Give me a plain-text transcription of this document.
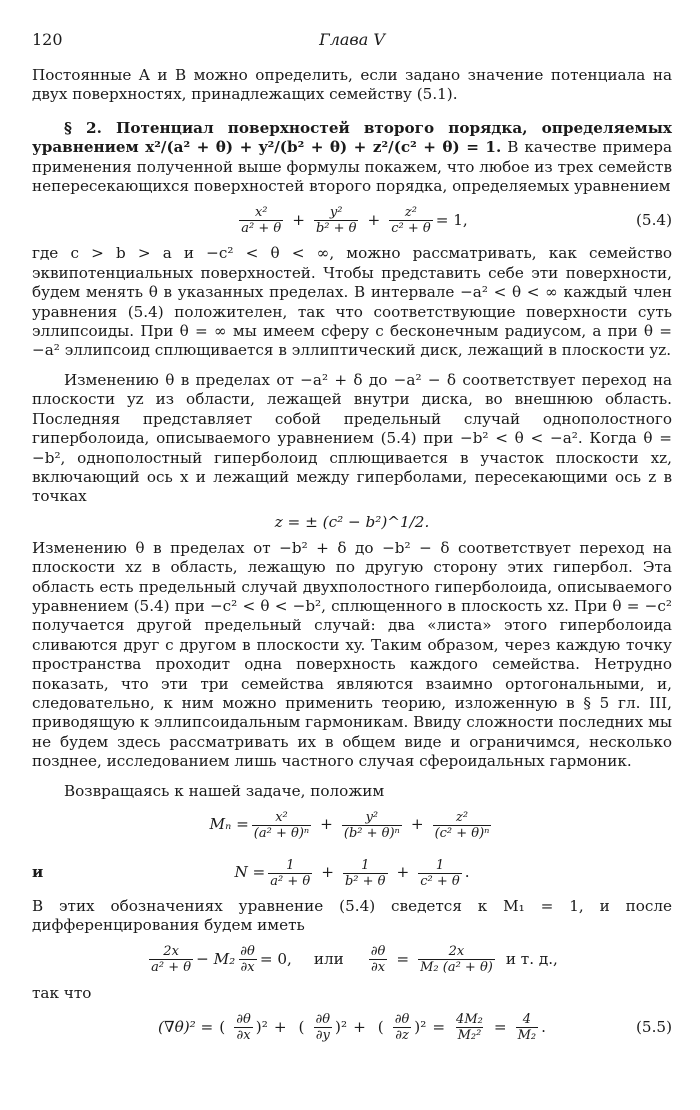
120	Глава V

Постоянные A и B можно определить, если задано значение потенциала на двух поверхностях, принадлежащих семейству (5.1).

§ 2. Потенциал поверхностей второго порядка, определяемых уравнением x²/(a² + θ) + y²/(b² + θ) + z²/(c² + θ) = 1. В качестве примера применения полученной выше формулы покажем, что любое из трех семейств непересекающихся поверхностей второго порядка, определяемых уравнением

$\frac{\text{x²}}{\text{a² + θ}} + \frac{\text{y²}}{\text{b² + θ}} + \frac{\text{z²}}{\text{c² + θ}} = 1$,	(5.4)

где c > b > a и −c² < θ < ∞, можно рассматривать, как семейство эквипотенциальных поверхностей. Чтобы представить себе эти поверхности, будем менять θ в указанных пределах. В интервале −a² < θ < ∞ каждый член уравнения (5.4) положителен, так что соответствующие поверхности суть эллипсоиды. При θ = ∞ мы имеем сферу с бесконечным радиусом, а при θ = −a² эллипсоид сплющивается в эллиптический диск, лежащий в плоскости yz.

Изменению θ в пределах от −a² + δ до −a² − δ соответствует переход на плоскости yz из области, лежащей внутри диска, во внешнюю область. Последняя представляет собой предельный случай однополостного гиперболоида, описываемого уравнением (5.4) при −b² < θ < −a². Когда θ = −b², однополостный гиперболоид сплющивается в участок плоскости xz, включающий ось x и лежащий между гиперболами, пересекающими ось z в точках

z = ± (c² − b²)^1/2.

Изменению θ в пределах от −b² + δ до −b² − δ соответствует переход на плоскости xz в область, лежащую по другую сторону этих гипербол. Эта область есть предельный случай двухполостного гиперболоида, описываемого уравнением (5.4) при −c² < θ < −b², сплющенного в плоскость xz. При θ = −c² получается другой предельный случай: два «листа» этого гиперболоида сливаются друг с другом в плоскости xy. Таким образом, через каждую точку пространства проходит одна поверхность каждого семейства. Нетрудно показать, что эти три семейства являются взаимно ортогональными, и, следовательно, к ним можно применить теорию, изложенную в § 5 гл. III, приводящую к эллипсоидальным гармоникам. Ввиду сложности последних мы не будем здесь рассматривать их в общем виде и ограничимся, несколько позднее, исследованием лишь частного случая сфероидальных гармоник.

Возвращаясь к нашей задаче, положим

$M_n = \frac{\text{x²}}{\text{(a² + θ)ⁿ}} + \frac{\text{y²}}{\text{(b² + θ)ⁿ}} + \frac{\text{z²}}{\text{(c² + θ)ⁿ}}$
и	$N = \frac{1}{\text{a² + θ}} + \frac{1}{\text{b² + θ}} + \frac{1}{\text{c² + θ}}$ .

В этих обозначениях уравнение (5.4) сведется к M₁ = 1, и после дифференцирования будем иметь

$\frac{2x}{\text{a² + θ}} - M_2 \frac{\partial\theta}{\partial x} = 0$, или $\frac{\partial\theta}{\partial x} = \frac{2x}{\text{M₂ (a² + θ)}}$ и т. д.,

так что

(∇θ)² = ( $\frac{\partial\theta}{\partial x} )^2$ + ( $\frac{\partial\theta}{\partial y} )^2$ + ( $\frac{\partial\theta}{\partial z} )^2 = \frac{\text{4M₂}}{\text{M₂²}} = \frac{4}{\text{M₂}}$ .	(5.5)
